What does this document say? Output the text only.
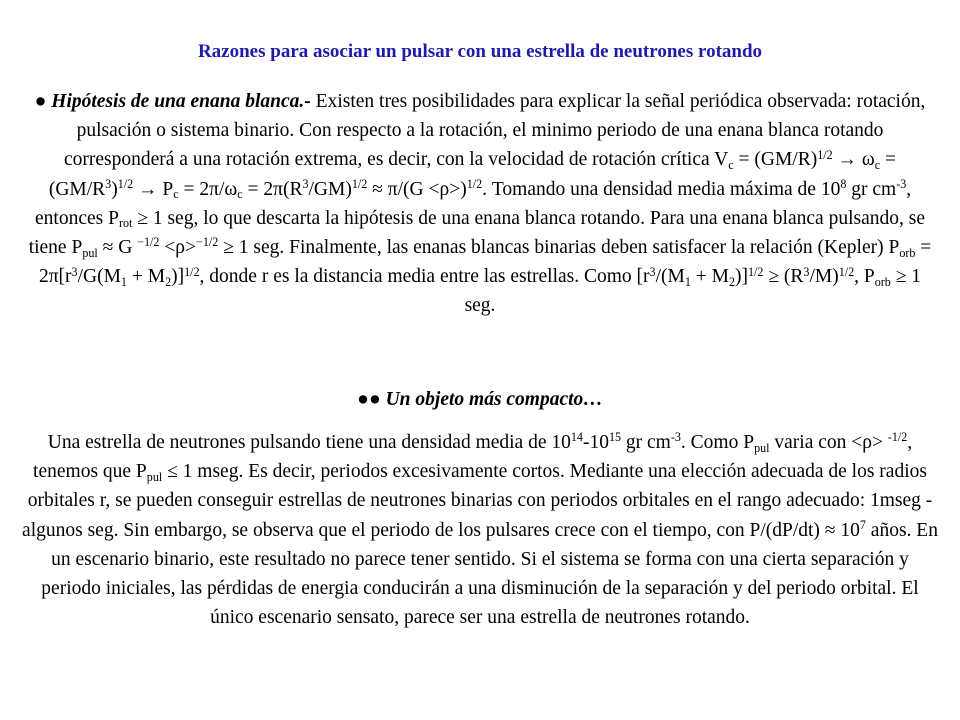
Razones para asociar un pulsar con una estrella de neutrones rotando
● Hipótesis de una enana blanca.- Existen tres posibilidades para explicar la señal periódica observada: rotación, pulsación o sistema binario. Con respecto a la rotación, el minimo periodo de una enana blanca rotando corresponderá a una rotación extrema, es decir, con la velocidad de rotación crítica $V_c = (GM/R)^{1/2} \to \omega_c = (GM/R^3)^{1/2} \to P_c = 2\pi/\omega_c = 2\pi(R^3/GM)^{1/2} \approx \pi/(G <\rho>)^{1/2}$. Tomando una densidad media máxima de $10^8$ gr $cm^{-3}$, entonces $P_{rot} \ge 1$ seg, lo que descarta la hipótesis de una enana blanca rotando. Para una enana blanca pulsando, se tiene $P_{pul} \approx G$ $^{-1/2}$ <ρ>$^{-1/2}$ ≥ 1 seg. Finalmente, las enanas blancas binarias deben satisfacer la relación (Kepler) $P_{orb} = 2\pi[r^3/G(M_1 + M_2)]^{1/2}$, donde r es la distancia media entre las estrellas. Como $[r^3/(M_1 + M_2)]^{1/2} \ge (R^3/M)^{1/2}$, $P_{orb} \ge 1$ seg.
●● Un objeto más compacto…
Una estrella de neutrones pulsando tiene una densidad media de $10^{14}-10^{15}$ gr $cm^{-3}$. Como $P_{pul}$ varia con <ρ> $^{-1/2}$, tenemos que $P_{pul} \le 1$ mseg. Es decir, periodos excesivamente cortos. Mediante una elección adecuada de los radios orbitales r, se pueden conseguir estrellas de neutrones binarias con periodos orbitales en el rango adecuado: 1mseg - algunos seg. Sin embargo, se observa que el periodo de los pulsares crece con el tiempo, con $P/(dP/dt) \approx 10^7$ años. En un escenario binario, este resultado no parece tener sentido. Si el sistema se forma con una cierta separación y periodo iniciales, las pérdidas de energia conducirán a una disminución de la separación y del periodo orbital. El único escenario sensato, parece ser una estrella de neutrones rotando.
